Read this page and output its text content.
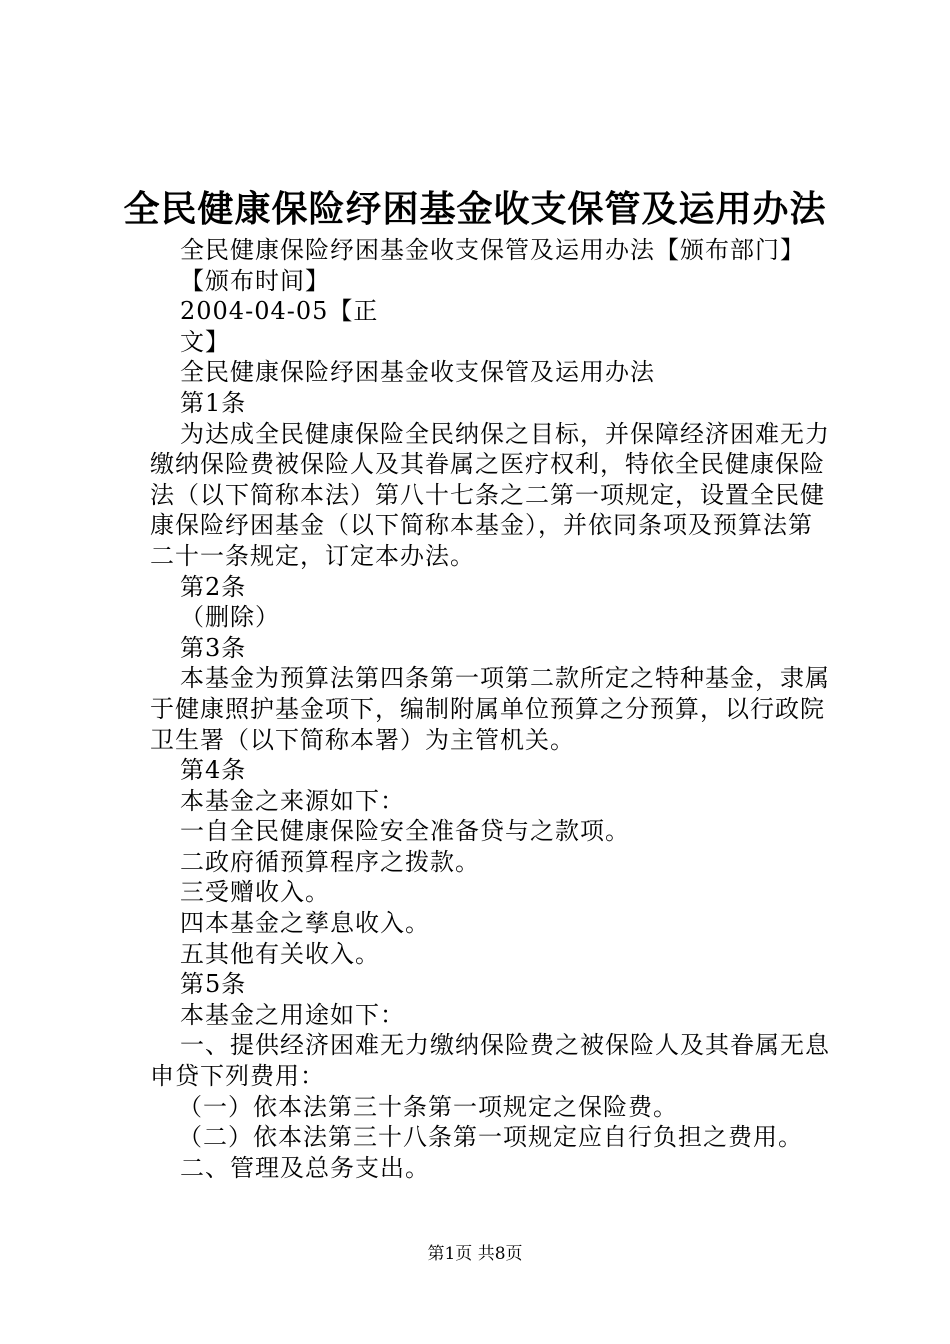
全民健康保险纾困基金收支保管及运用办法

全民健康保险纾困基金收支保管及运用办法【颁布部门】

【颁布时间】

2004-04-05【正

文】

全民健康保险纾困基金收支保管及运用办法

第1条

为达成全民健康保险全民纳保之目标，并保障经济困难无力缴纳保险费被保险人及其眷属之医疗权利，特依全民健康保险法（以下简称本法）第八十七条之二第一项规定，设置全民健康保险纾困基金（以下简称本基金），并依同条项及预算法第二十一条规定，订定本办法。

第2条

（删除）

第3条

本基金为预算法第四条第一项第二款所定之特种基金，隶属于健康照护基金项下，编制附属单位预算之分预算，以行政院卫生署（以下简称本署）为主管机关。

第4条

本基金之来源如下：

一自全民健康保险安全准备贷与之款项。

二政府循预算程序之拨款。

三受赠收入。

四本基金之孳息收入。

五其他有关收入。

第5条

本基金之用途如下：

一、提供经济困难无力缴纳保险费之被保险人及其眷属无息申贷下列费用：

（一）依本法第三十条第一项规定之保险费。

（二）依本法第三十八条第一项规定应自行负担之费用。

二、管理及总务支出。

第1页 共8页
